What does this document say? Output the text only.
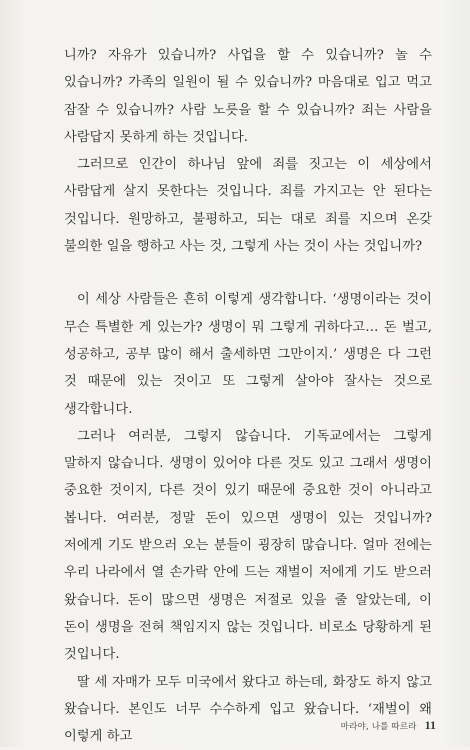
니까? 자유가 있습니까? 사업을 할 수 있습니까? 놀 수 있습니까? 가족의 일원이 될 수 있습니까? 마음대로 입고 먹고 잠잘 수 있습니까? 사람 노릇을 할 수 있습니까? 죄는 사람을 사람답지 못하게 하는 것입니다.

그러므로 인간이 하나님 앞에 죄를 짓고는 이 세상에서 사람답게 살지 못한다는 것입니다. 죄를 가지고는 안 된다는 것입니다. 원망하고, 불평하고, 되는 대로 죄를 지으며 온갖 불의한 일을 행하고 사는 것, 그렇게 사는 것이 사는 것입니까?

이 세상 사람들은 흔히 이렇게 생각합니다. ‘생명이라는 것이 무슨 특별한 게 있는가? 생명이 뭐 그렇게 귀하다고… 돈 벌고, 성공하고, 공부 많이 해서 출세하면 그만이지.’ 생명은 다 그런 것 때문에 있는 것이고 또 그렇게 살아야 잘사는 것으로 생각합니다.

그러나 여러분, 그렇지 않습니다. 기독교에서는 그렇게 말하지 않습니다. 생명이 있어야 다른 것도 있고 그래서 생명이 중요한 것이지, 다른 것이 있기 때문에 중요한 것이 아니라고 봅니다. 여러분, 정말 돈이 있으면 생명이 있는 것입니까? 저에게 기도 받으러 오는 분들이 굉장히 많습니다. 얼마 전에는 우리 나라에서 열 손가락 안에 드는 재벌이 저에게 기도 받으러 왔습니다. 돈이 많으면 생명은 저절로 있을 줄 알았는데, 이 돈이 생명을 전혀 책임지지 않는 것입니다. 비로소 당황하게 된 것입니다.

딸 세 자매가 모두 미국에서 왔다고 하는데, 화장도 하지 않고 왔습니다. 본인도 너무 수수하게 입고 왔습니다. ‘재벌이 왜 이렇게 하고

마라야, 나를 따르라 11
